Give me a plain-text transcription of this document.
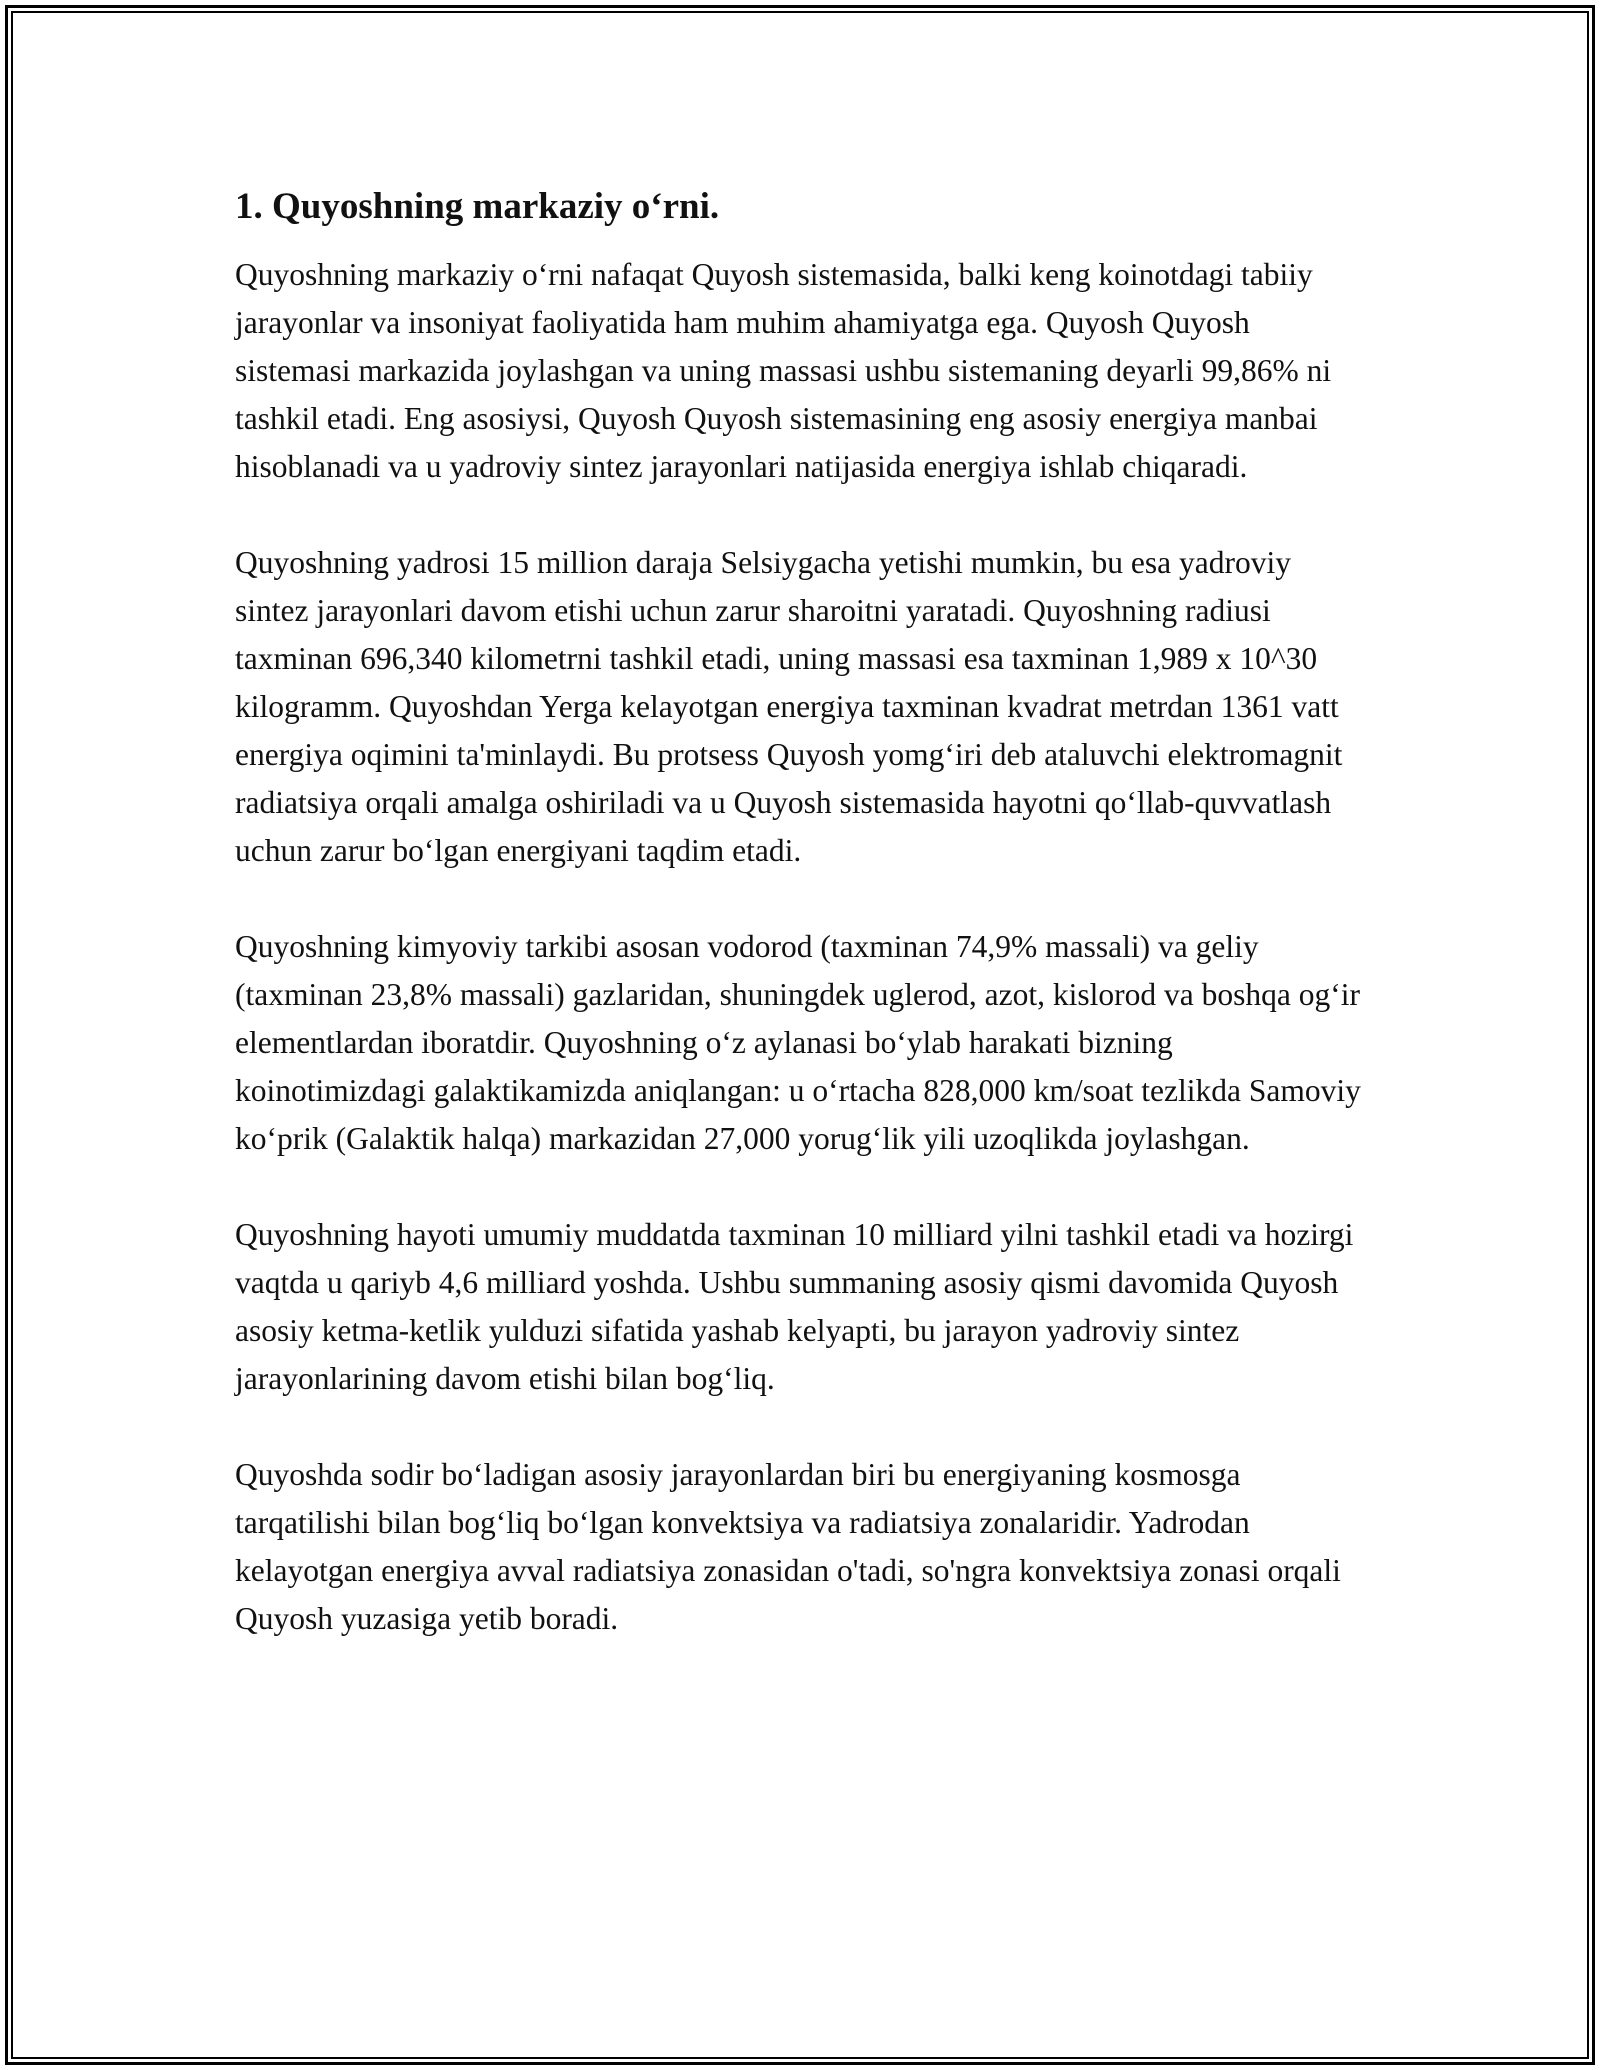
1. Quyoshning markaziy o‘rni.

Quyoshning markaziy o‘rni nafaqat Quyosh sistemasida, balki keng koinotdagi tabiiy jarayonlar va insoniyat faoliyatida ham muhim ahamiyatga ega. Quyosh Quyosh sistemasi markazida joylashgan va uning massasi ushbu sistemaning deyarli 99,86% ni tashkil etadi. Eng asosiysi, Quyosh Quyosh sistemasining eng asosiy energiya manbai hisoblanadi va u yadroviy sintez jarayonlari natijasida energiya ishlab chiqaradi.

Quyoshning yadrosi 15 million daraja Selsiygacha yetishi mumkin, bu esa yadroviy sintez jarayonlari davom etishi uchun zarur sharoitni yaratadi. Quyoshning radiusi taxminan 696,340 kilometrni tashkil etadi, uning massasi esa taxminan 1,989 x 10^30 kilogramm. Quyoshdan Yerga kelayotgan energiya taxminan kvadrat metrdan 1361 vatt energiya oqimini ta'minlaydi. Bu protsess Quyosh yomg‘iri deb ataluvchi elektromagnit radiatsiya orqali amalga oshiriladi va u Quyosh sistemasida hayotni qo‘llab-quvvatlash uchun zarur bo‘lgan energiyani taqdim etadi.

Quyoshning kimyoviy tarkibi asosan vodorod (taxminan 74,9% massali) va geliy (taxminan 23,8% massali) gazlaridan, shuningdek uglerod, azot, kislorod va boshqa og‘ir elementlardan iboratdir. Quyoshning o‘z aylanasi bo‘ylab harakati bizning koinotimizdagi galaktikamizda aniqlangan: u o‘rtacha 828,000 km/soat tezlikda Samoviy ko‘prik (Galaktik halqa) markazidan 27,000 yorug‘lik yili uzoqlikda joylashgan.

Quyoshning hayoti umumiy muddatda taxminan 10 milliard yilni tashkil etadi va hozirgi vaqtda u qariyb 4,6 milliard yoshda. Ushbu summaning asosiy qismi davomida Quyosh asosiy ketma-ketlik yulduzi sifatida yashab kelyapti, bu jarayon yadroviy sintez jarayonlarining davom etishi bilan bog‘liq.

Quyoshda sodir bo‘ladigan asosiy jarayonlardan biri bu energiyaning kosmosga tarqatilishi bilan bog‘liq bo‘lgan konvektsiya va radiatsiya zonalaridir. Yadrodan kelayotgan energiya avval radiatsiya zonasidan o'tadi, so'ngra konvektsiya zonasi orqali Quyosh yuzasiga yetib boradi.
